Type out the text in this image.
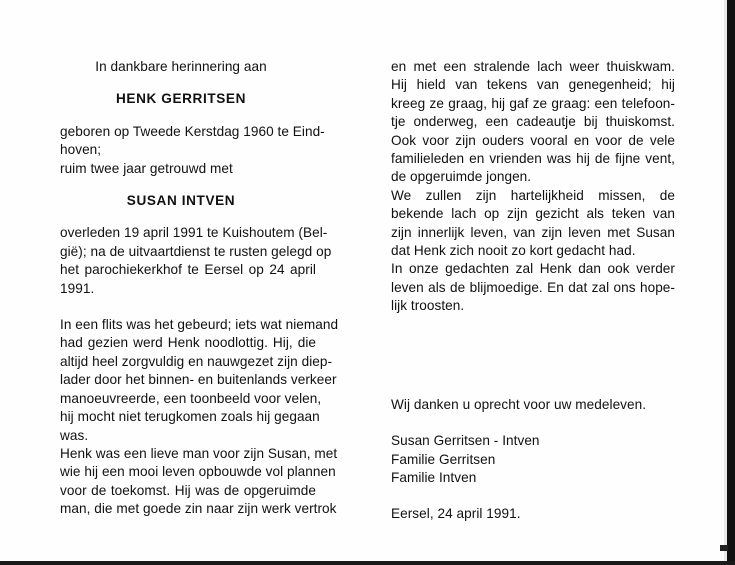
In dankbare herinnering aan
HENK GERRITSEN
geboren op Tweede Kerstdag 1960 te Eind-
hoven;
ruim twee jaar getrouwd met
SUSAN INTVEN
overleden 19 april 1991 te Kuishoutem (Bel-
gië); na de uitvaartdienst te rusten gelegd op
het parochiekerkhof te Eersel op 24 april
1991.
In een flits was het gebeurd; iets wat niemand
had gezien werd Henk noodlottig. Hij, die
altijd heel zorgvuldig en nauwgezet zijn diep-
lader door het binnen- en buitenlands verkeer
manoeuvreerde, een toonbeeld voor velen,
hij mocht niet terugkomen zoals hij gegaan
was.
Henk was een lieve man voor zijn Susan, met
wie hij een mooi leven opbouwde vol plannen
voor de toekomst. Hij was de opgeruimde
man, die met goede zin naar zijn werk vertrok
en met een stralende lach weer thuiskwam.
Hij hield van tekens van genegenheid; hij
kreeg ze graag, hij gaf ze graag: een telefoon-
tje onderweg, een cadeautje bij thuiskomst.
Ook voor zijn ouders vooral en voor de vele
familieleden en vrienden was hij de fijne vent,
de opgeruimde jongen.
We zullen zijn hartelijkheid missen, de
bekende lach op zijn gezicht als teken van
zijn innerlijk leven, van zijn leven met Susan
dat Henk zich nooit zo kort gedacht had.
In onze gedachten zal Henk dan ook verder
leven als de blijmoedige. En dat zal ons hope-
lijk troosten.
Wij danken u oprecht voor uw medeleven.
Susan Gerritsen - Intven
Familie Gerritsen
Familie Intven
Eersel, 24 april 1991.
